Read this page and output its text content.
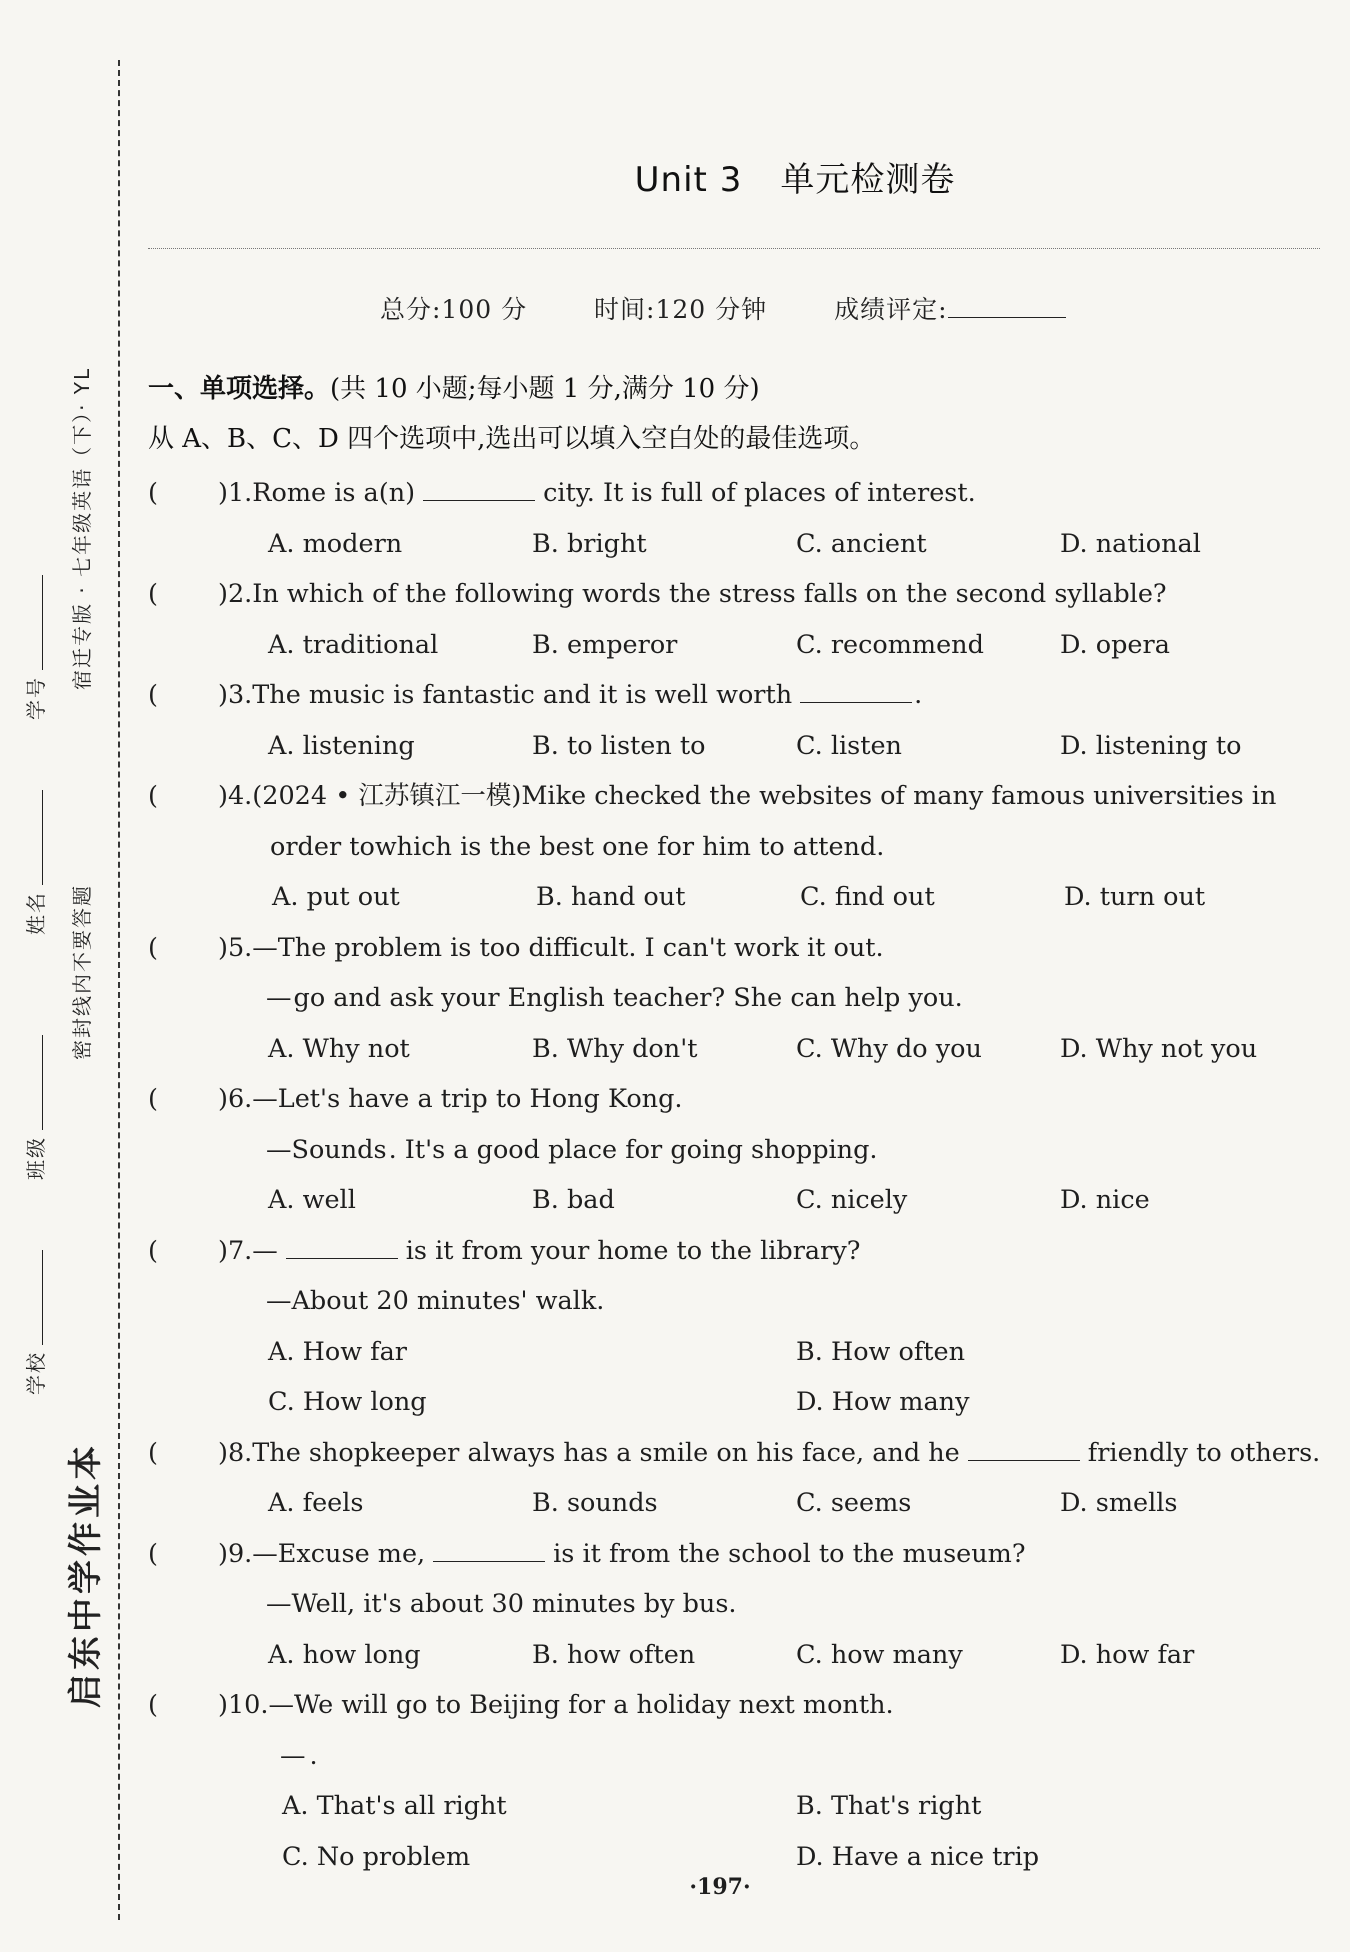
宿迁专版 · 七年级英语（下）· YL
密封线内不要答题
学校
班级
姓名
学号
启东中学作业本
Unit 3 单元检测卷
总分:100 分	时间:120 分钟	成绩评定:
一、单项选择。(共 10 小题;每小题 1 分,满分 10 分)
从 A、B、C、D 四个选项中,选出可以填入空白处的最佳选项。
( )1.Rome is a(n)	city. It is full of places of interest.
A. modern	B. bright	C. ancient	D. national
( )2.In which of the following words the stress falls on the second syllable?
A. traditional	B. emperor	C. recommend	D. opera
( )3.The music is fantastic and it is well worth	.
A. listening	B. to listen to	C. listen	D. listening to
( )4.(2024 • 江苏镇江一模)Mike checked the websites of many famous universities in
order towhich is the best one for him to attend.
A. put out	B. hand out	C. find out	D. turn out
( )5.—The problem is too difficult. I can't work it out.
—go and ask your English teacher? She can help you.
A. Why not	B. Why don't	C. Why do you	D. Why not you
( )6.—Let's have a trip to Hong Kong.
—Sounds. It's a good place for going shopping.
A. well	B. bad	C. nicely	D. nice
( )7.—	is it from your home to the library?
—About 20 minutes' walk.
A. How far	B. How often
C. How long	D. How many
( )8.The shopkeeper always has a smile on his face, and he	friendly to others.
A. feels	B. sounds	C. seems	D. smells
( )9.—Excuse me,	is it from the school to the museum?
—Well, it's about 30 minutes by bus.
A. how long	B. how often	C. how many	D. how far
( )10.—We will go to Beijing for a holiday next month.
— .
A. That's all right	B. That's right
C. No problem	D. Have a nice trip
·197·
